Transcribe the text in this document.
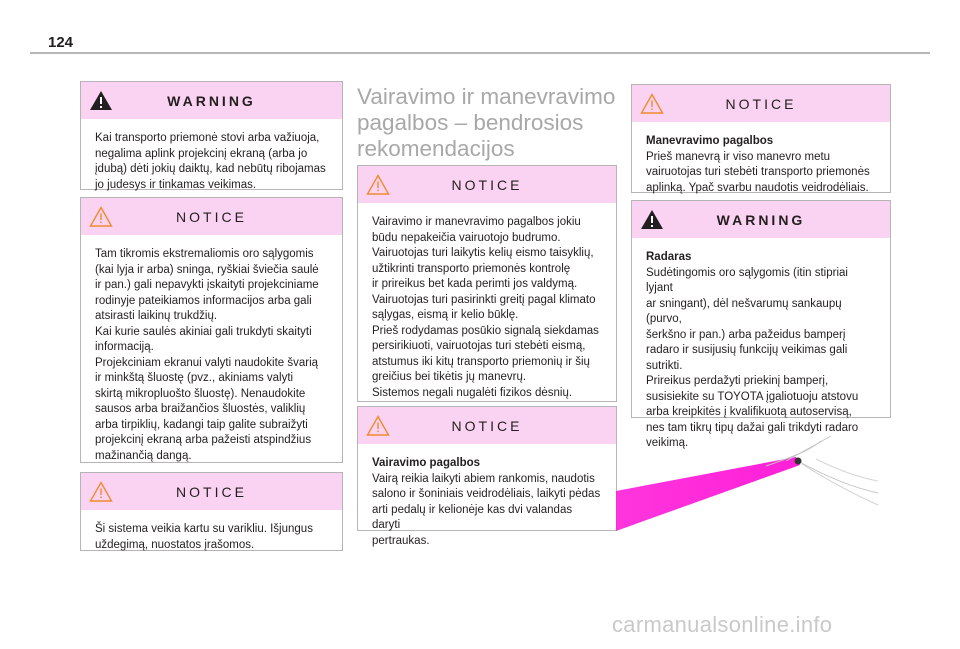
124
WARNING
Kai transporto priemonė stovi arba važiuoja,
negalima aplink projekcinį ekraną (arba jo
įdubą) dėti jokių daiktų, kad nebūtų ribojamas
jo judesys ir tinkamas veikimas.
NOTICE
Tam tikromis ekstremaliomis oro sąlygomis
(kai lyja ir arba) sninga, ryškiai šviečia saulė
ir pan.) gali nepavykti įskaityti projekciniame
rodinyje pateikiamos informacijos arba gali
atsirasti laikinų trukdžių.
Kai kurie saulės akiniai gali trukdyti skaityti
informaciją.
Projekciniam ekranui valyti naudokite švarią
ir minkštą šluostę (pvz., akiniams valyti
skirtą mikropluošto šluostę). Nenaudokite
sausos arba braižančios šluostės, valiklių
arba tirpiklių, kadangi taip galite subraižyti
projekcinį ekraną arba pažeisti atspindžius
mažinančią dangą.
NOTICE
Ši sistema veikia kartu su varikliu. Išjungus
uždegimą, nuostatos įrašomos.
Vairavimo ir manevravimo
pagalbos – bendrosios
rekomendacijos
NOTICE
Vairavimo ir manevravimo pagalbos jokiu
būdu nepakeičia vairuotojo budrumo.
Vairuotojas turi laikytis kelių eismo taisyklių,
užtikrinti transporto priemonės kontrolę
ir prireikus bet kada perimti jos valdymą.
Vairuotojas turi pasirinkti greitį pagal klimato
sąlygas, eismą ir kelio būklę.
Prieš rodydamas posūkio signalą siekdamas
persirikiuoti, vairuotojas turi stebėti eismą,
atstumus iki kitų transporto priemonių ir šių
greičius bei tikėtis jų manevrų.
Sistemos negali nugalėti fizikos dėsnių.
NOTICE
Vairavimo pagalbos
Vairą reikia laikyti abiem rankomis, naudotis
salono ir šoniniais veidrodėliais, laikyti pėdas
arti pedalų ir kelionėje kas dvi valandas daryti
pertraukas.
NOTICE
Manevravimo pagalbos
Prieš manevrą ir viso manevro metu
vairuotojas turi stebėti transporto priemonės
aplinką. Ypač svarbu naudotis veidrodėliais.
WARNING
Radaras
Sudėtingomis oro sąlygomis (itin stipriai lyjant
ar sningant), dėl nešvarumų sankaupų (purvo,
šerkšno ir pan.) arba pažeidus bamperį
radaro ir susijusių funkcijų veikimas gali
sutrikti.
Prireikus perdažyti priekinį bamperį,
susisiekite su TOYOTA įgaliotuoju atstovu
arba kreipkitės į kvalifikuotą autoservisą,
nes tam tikrų tipų dažai gali trikdyti radaro
veikimą.
carmanualsonline.info
